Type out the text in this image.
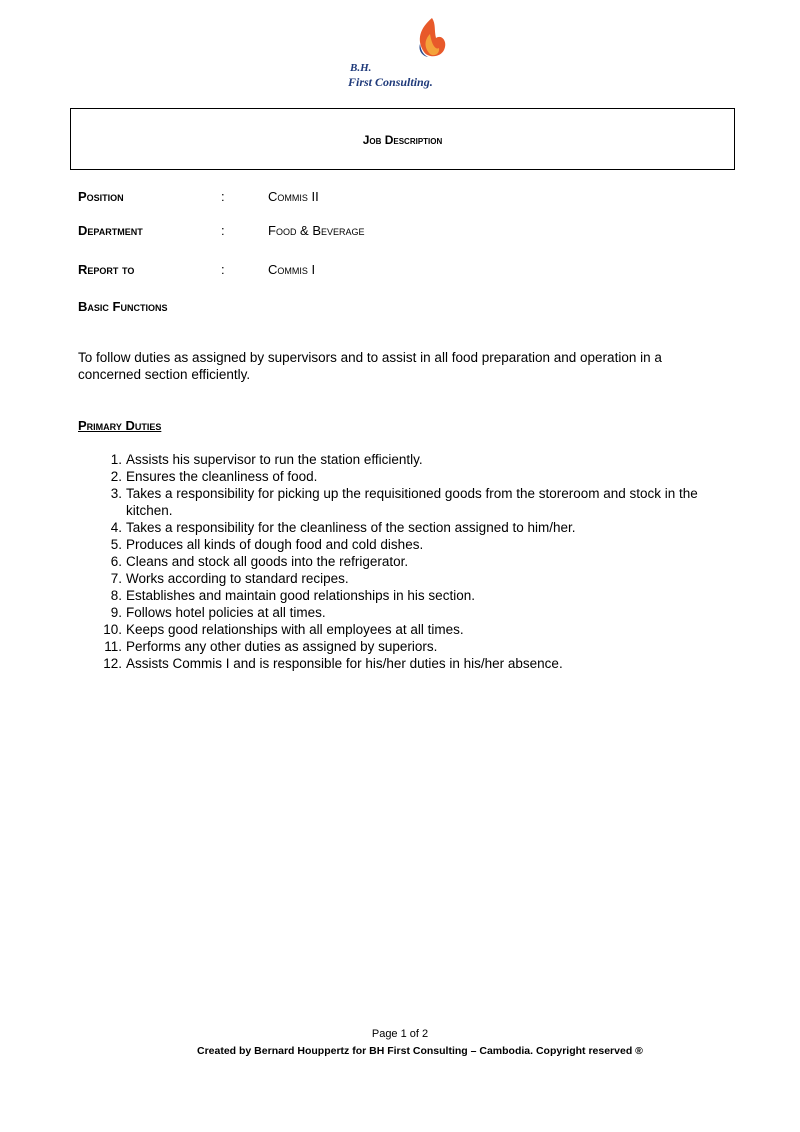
B.H.
First Consulting.
Job Description
Position	:	Commis II
Department	:	Food & Beverage
Report to	:	Commis I
Basic Functions
To follow duties as assigned by supervisors and to assist in all food preparation and operation in a concerned section efficiently.
Primary Duties
1. Assists his supervisor to run the station efficiently.
2. Ensures the cleanliness of food.
3. Takes a responsibility for picking up the requisitioned goods from the storeroom and stock in the kitchen.
4. Takes a responsibility for the cleanliness of the section assigned to him/her.
5. Produces all kinds of dough food and cold dishes.
6. Cleans and stock all goods into the refrigerator.
7. Works according to standard recipes.
8. Establishes and maintain good relationships in his section.
9. Follows hotel policies at all times.
10. Keeps good relationships with all employees at all times.
11. Performs any other duties as assigned by superiors.
12. Assists Commis I and is responsible for his/her duties in his/her absence.
Page 1 of 2
Created by Bernard Houppertz for BH First Consulting – Cambodia. Copyright reserved ®
